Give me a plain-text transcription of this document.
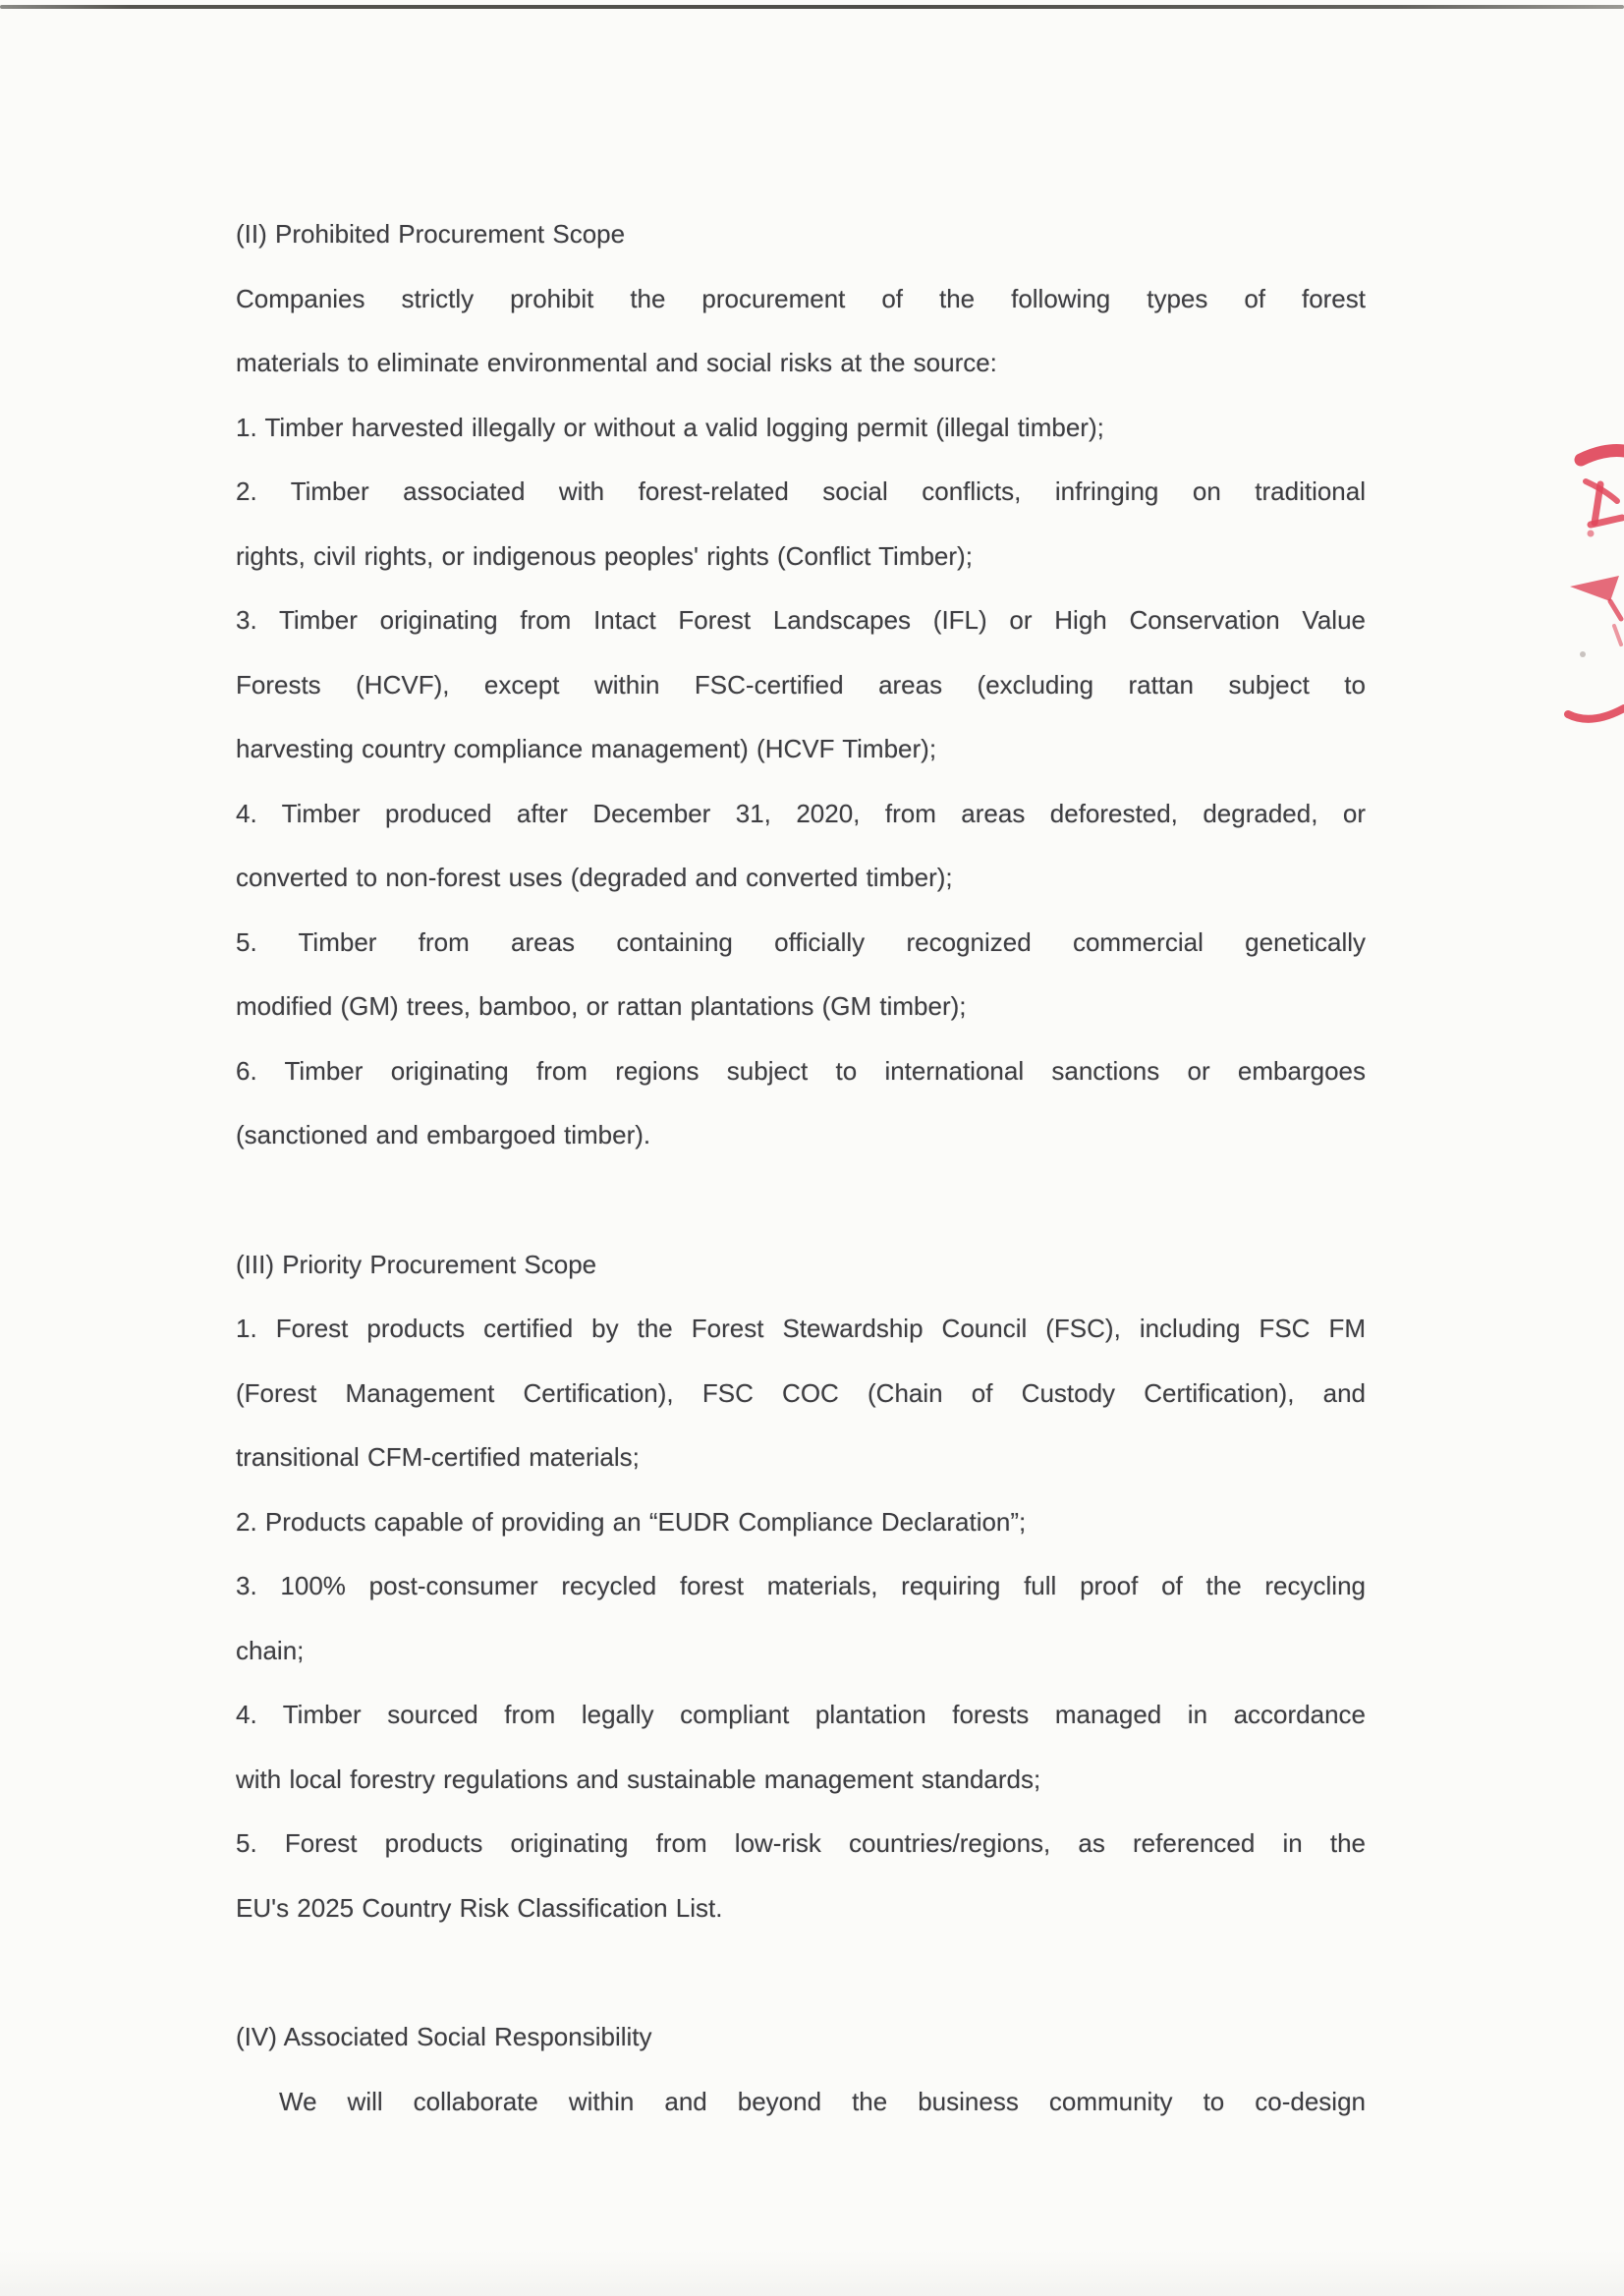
(II) Prohibited Procurement Scope
Companies strictly prohibit the procurement of the following types of forest
materials to eliminate environmental and social risks at the source:
1. Timber harvested illegally or without a valid logging permit (illegal timber);
2. Timber associated with forest-related social conflicts, infringing on traditional
rights, civil rights, or indigenous peoples' rights (Conflict Timber);
3. Timber originating from Intact Forest Landscapes (IFL) or High Conservation Value
Forests (HCVF), except within FSC-certified areas (excluding rattan subject to
harvesting country compliance management) (HCVF Timber);
4. Timber produced after December 31, 2020, from areas deforested, degraded, or
converted to non-forest uses (degraded and converted timber);
5. Timber from areas containing officially recognized commercial genetically
modified (GM) trees, bamboo, or rattan plantations (GM timber);
6. Timber originating from regions subject to international sanctions or embargoes
(sanctioned and embargoed timber).
(III) Priority Procurement Scope
1. Forest products certified by the Forest Stewardship Council (FSC), including FSC FM
(Forest Management Certification), FSC COC (Chain of Custody Certification), and
transitional CFM-certified materials;
2. Products capable of providing an “EUDR Compliance Declaration”;
3. 100% post-consumer recycled forest materials, requiring full proof of the recycling
chain;
4. Timber sourced from legally compliant plantation forests managed in accordance
with local forestry regulations and sustainable management standards;
5. Forest products originating from low-risk countries/regions, as referenced in the
EU's 2025 Country Risk Classification List.
(IV) Associated Social Responsibility
We will collaborate within and beyond the business community to co-design
